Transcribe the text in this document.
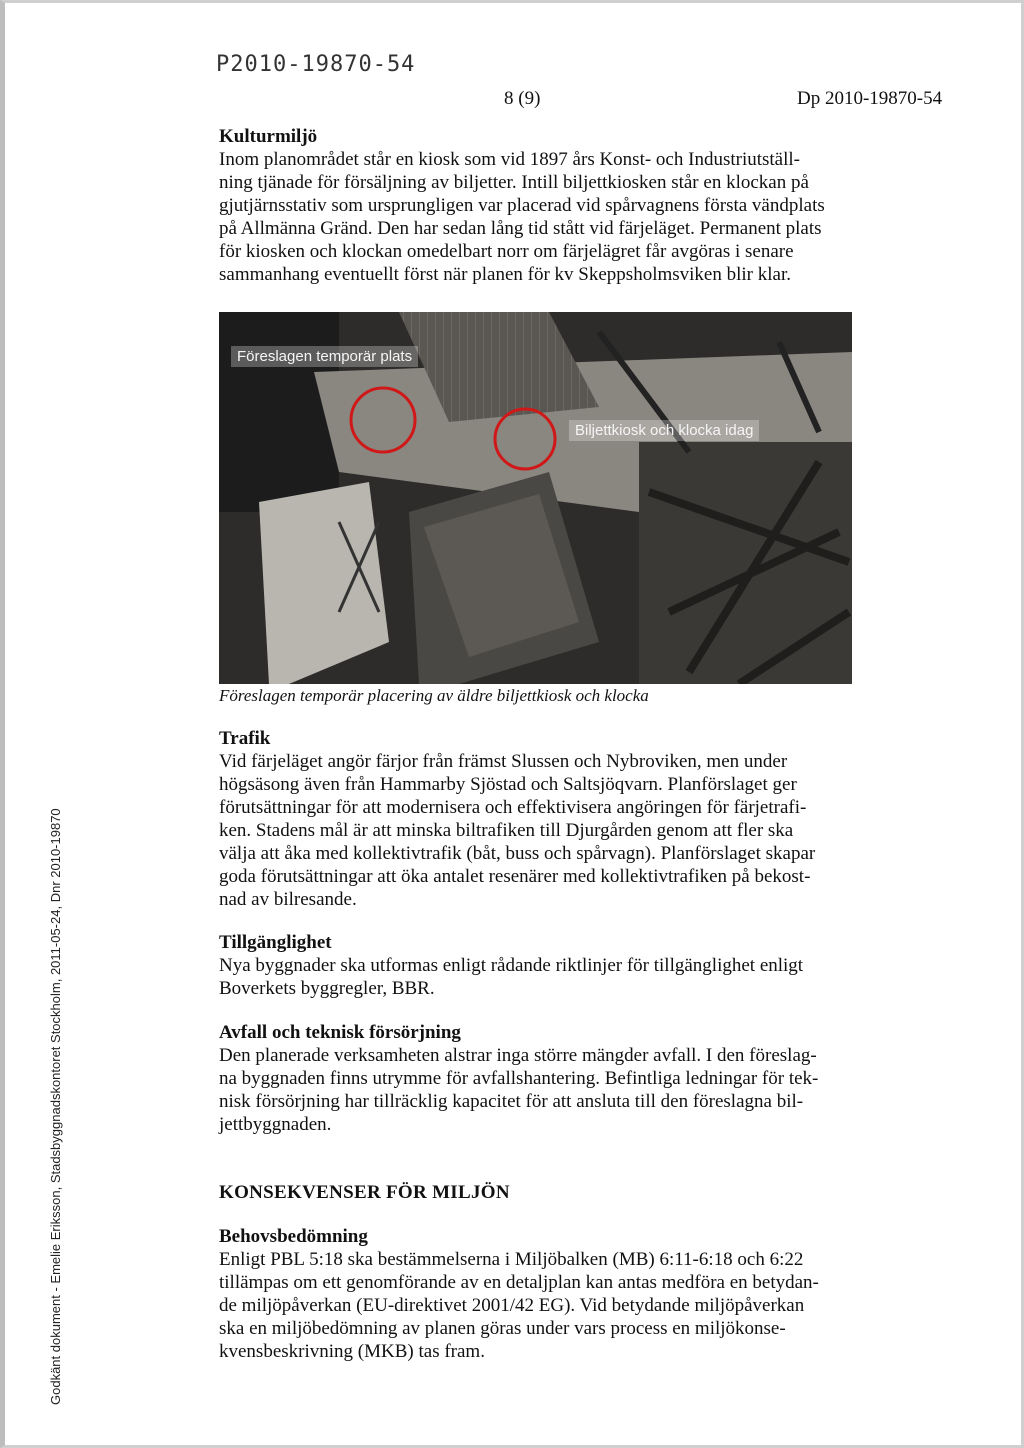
P2010-19870-54
8 (9)	Dp 2010-19870-54
Godkänt dokument - Emelie Eriksson, Stadsbyggnadskontoret Stockholm, 2011-05-24, Dnr 2010-19870
Kulturmiljö

Inom planområdet står en kiosk som vid 1897 års Konst- och Industriutställ-
ning tjänade för försäljning av biljetter. Intill biljettkiosken står en klockan på
gjutjärnsstativ som ursprungligen var placerad vid spårvagnens första vändplats
på Allmänna Gränd. Den har sedan lång tid stått vid färjeläget. Permanent plats
för kiosken och klockan omedelbart norr om färjelägret får avgöras i senare
sammanhang eventuellt först när planen för kv Skeppsholmsviken blir klar.

Föreslagen temporär plats
Biljettkiosk och klocka idag
Föreslagen temporär placering av äldre biljettkiosk och klocka
Trafik

Vid färjeläget angör färjor från främst Slussen och Nybroviken, men under
högsäsong även från Hammarby Sjöstad och Saltsjöqvarn. Planförslaget ger
förutsättningar för att modernisera och effektivisera angöringen för färjetrafi-
ken. Stadens mål är att minska biltrafiken till Djurgården genom att fler ska
välja att åka med kollektivtrafik (båt, buss och spårvagn). Planförslaget skapar
goda förutsättningar att öka antalet resenärer med kollektivtrafiken på bekost-
nad av bilresande.

Tillgänglighet

Nya byggnader ska utformas enligt rådande riktlinjer för tillgänglighet enligt
Boverkets byggregler, BBR.

Avfall och teknisk försörjning

Den planerade verksamheten alstrar inga större mängder avfall. I den föreslag-
na byggnaden finns utrymme för avfallshantering. Befintliga ledningar för tek-
nisk försörjning har tillräcklig kapacitet för att ansluta till den föreslagna bil-
jettbyggnaden.

KONSEKVENSER FÖR MILJÖN
Behovsbedömning

Enligt PBL 5:18 ska bestämmelserna i Miljöbalken (MB) 6:11-6:18 och 6:22
tillämpas om ett genomförande av en detaljplan kan antas medföra en betydan-
de miljöpåverkan (EU-direktivet 2001/42 EG). Vid betydande miljöpåverkan
ska en miljöbedömning av planen göras under vars process en miljökonse-
kvensbeskrivning (MKB) tas fram.
